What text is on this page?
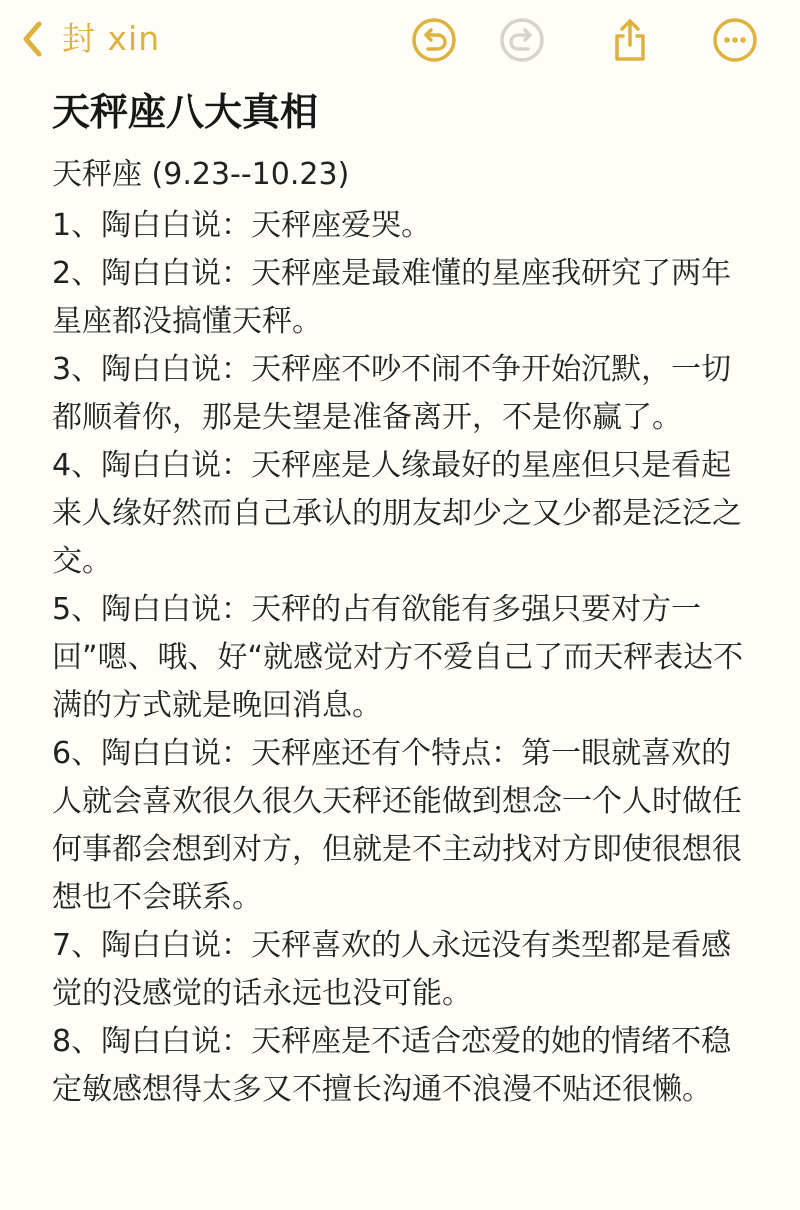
封 xin
天秤座八大真相
天秤座 (9.23--10.23)
1、陶白白说：天秤座爱哭。
2、陶白白说：天秤座是最难懂的星座我研究了两年星座都没搞懂天秤。
3、陶白白说：天秤座不吵不闹不争开始沉默，一切都顺着你，那是失望是准备离开，不是你赢了。
4、陶白白说：天秤座是人缘最好的星座但只是看起来人缘好然而自己承认的朋友却少之又少都是泛泛之交。
5、陶白白说：天秤的占有欲能有多强只要对方一回”嗯、哦、好“就感觉对方不爱自己了而天秤表达不满的方式就是晚回消息。
6、陶白白说：天秤座还有个特点：第一眼就喜欢的人就会喜欢很久很久天秤还能做到想念一个人时做任何事都会想到对方，但就是不主动找对方即使很想很想也不会联系。
7、陶白白说：天秤喜欢的人永远没有类型都是看感觉的没感觉的话永远也没可能。
8、陶白白说：天秤座是不适合恋爱的她的情绪不稳定敏感想得太多又不擅长沟通不浪漫不贴还很懒。
